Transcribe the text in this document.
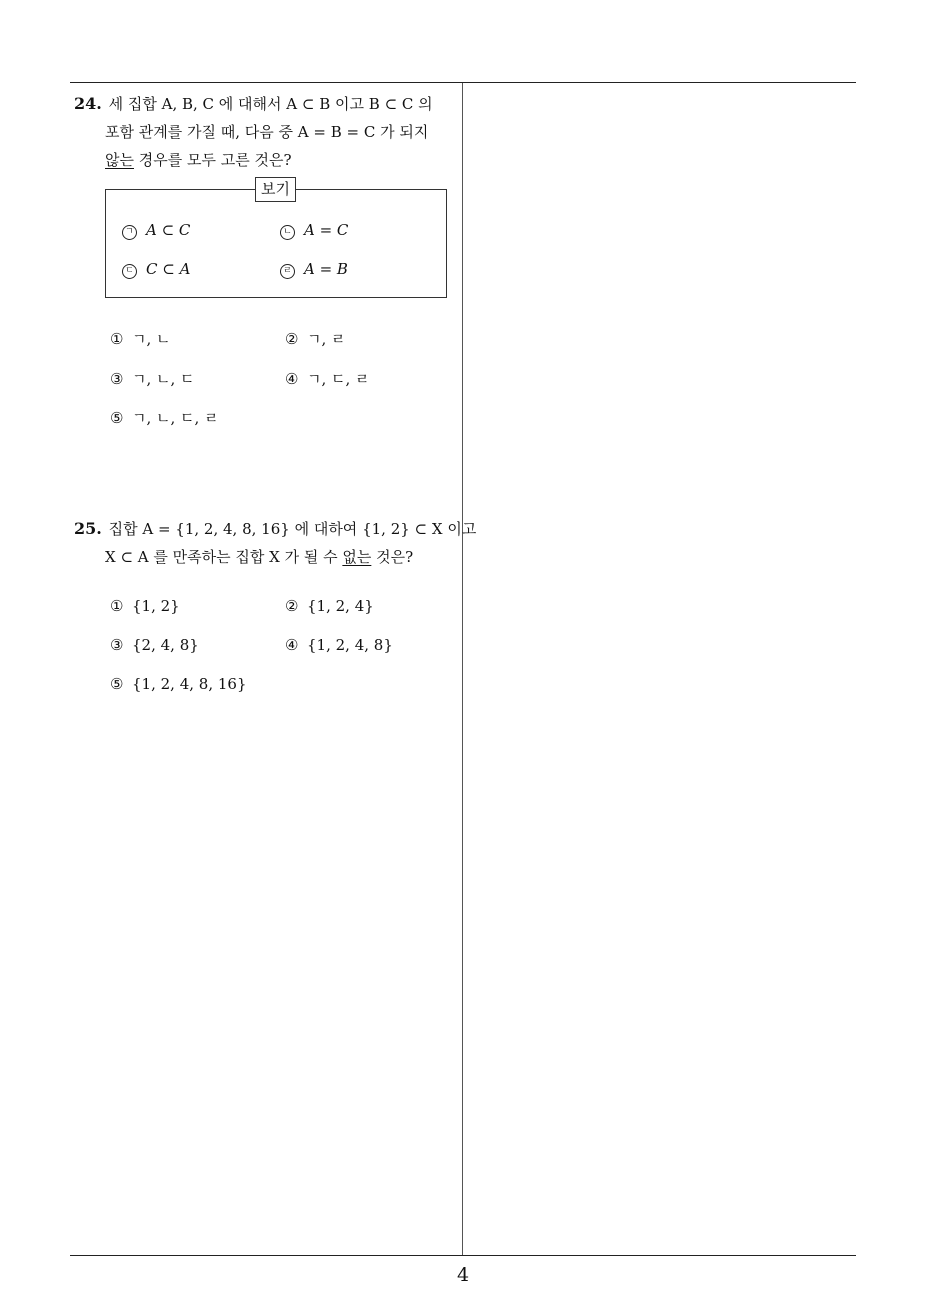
24. 세 집합 A, B, C 에 대해서 A ⊂ B 이고 B ⊂ C 의
포함 관계를 가질 때, 다음 중 A = B = C 가 되지
않는 경우를 모두 고른 것은?
보기
ㄱ A ⊂ C	ㄴ A = C
ㄷ C ⊂ A	ㄹ A = B
① ㄱ, ㄴ	② ㄱ, ㄹ
③ ㄱ, ㄴ, ㄷ	④ ㄱ, ㄷ, ㄹ
⑤ ㄱ, ㄴ, ㄷ, ㄹ
25. 집합 A = {1, 2, 4, 8, 16} 에 대하여 {1, 2} ⊂ X 이고
X ⊂ A 를 만족하는 집합 X 가 될 수 없는 것은?
① {1, 2}	② {1, 2, 4}
③ {2, 4, 8}	④ {1, 2, 4, 8}
⑤ {1, 2, 4, 8, 16}
4
